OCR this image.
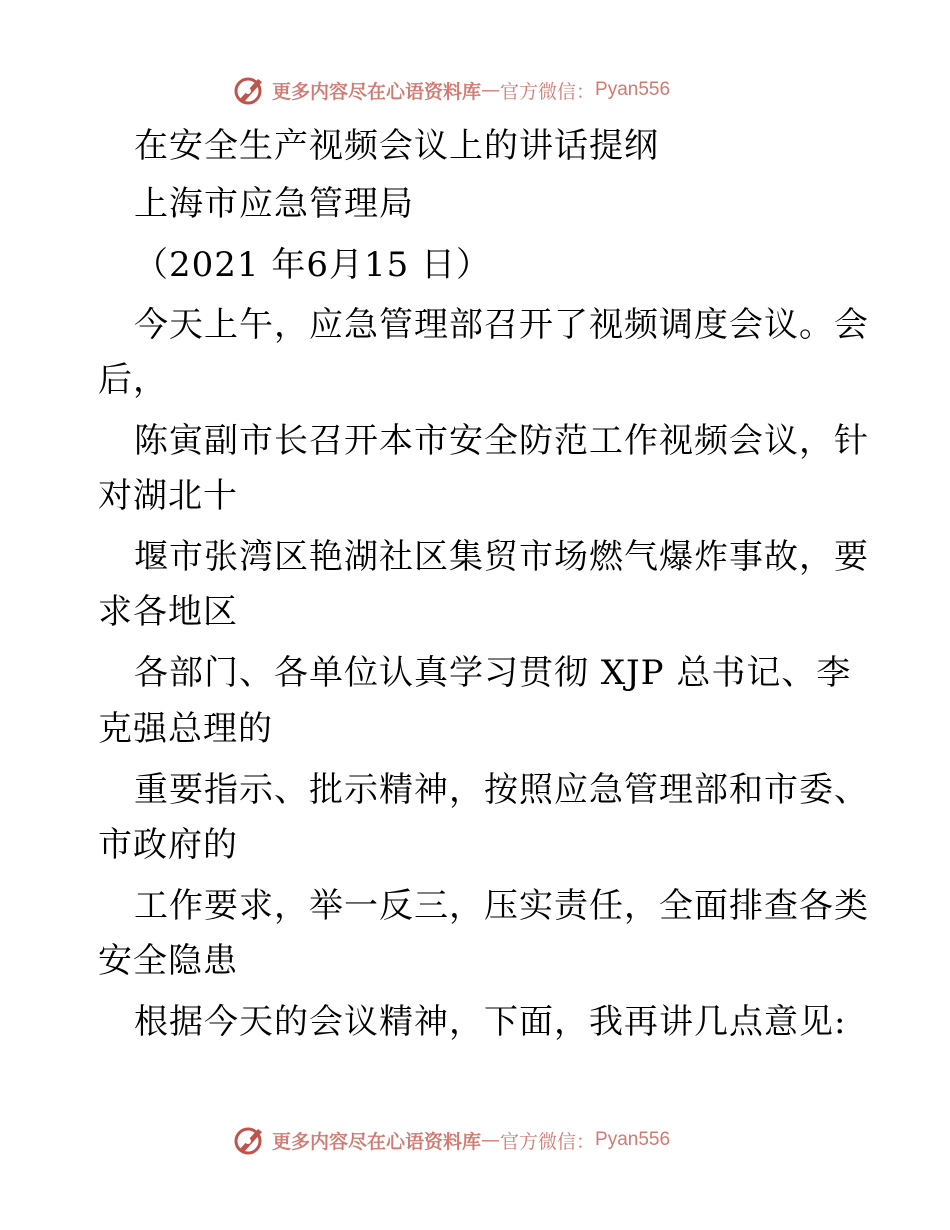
更多内容尽在心语资料库 — 官方微信： Pyan556
在安全生产视频会议上的讲话提纲
上海市应急管理局
（2021 年6月15 日）
今天上午，应急管理部召开了视频调度会议。会
后，
陈寅副市长召开本市安全防范工作视频会议，针
对湖北十
堰市张湾区艳湖社区集贸市场燃气爆炸事故，要
求各地区
各部门、各单位认真学习贯彻 XJP 总书记、李
克强总理的
重要指示、批示精神，按照应急管理部和市委、
市政府的
工作要求，举一反三，压实责任，全面排查各类
安全隐患
根据今天的会议精神，下面，我再讲几点意见:
更多内容尽在心语资料库 — 官方微信： Pyan556
